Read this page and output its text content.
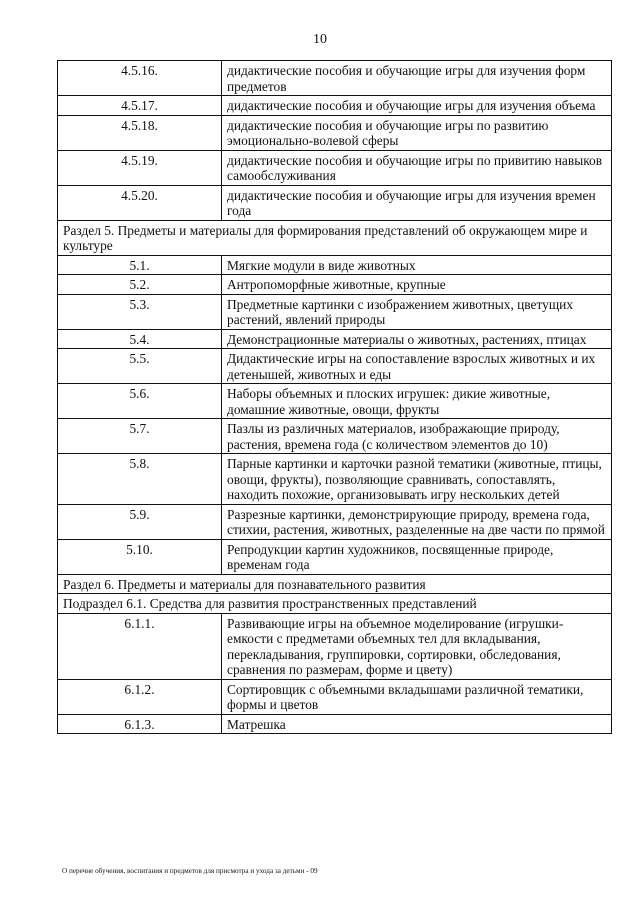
10
4.5.16.	дидактические пособия и обучающие игры для изучения форм предметов
4.5.17.	дидактические пособия и обучающие игры для изучения объема
4.5.18.	дидактические пособия и обучающие игры по развитию эмоционально-волевой сферы
4.5.19.	дидактические пособия и обучающие игры по привитию навыков самообслуживания
4.5.20.	дидактические пособия и обучающие игры для изучения времен года
Раздел 5. Предметы и материалы для формирования представлений об окружающем мире и культуре	
5.1.	Мягкие модули в виде животных
5.2.	Антропоморфные животные, крупные
5.3.	Предметные картинки с изображением животных, цветущих растений, явлений природы
5.4.	Демонстрационные материалы о животных, растениях, птицах
5.5.	Дидактические игры на сопоставление взрослых животных и их детенышей, животных и еды
5.6.	Наборы объемных и плоских игрушек: дикие животные, домашние животные, овощи, фрукты
5.7.	Пазлы из различных материалов, изображающие природу, растения, времена года (с количеством элементов до 10)
5.8.	Парные картинки и карточки разной тематики (животные, птицы, овощи, фрукты), позволяющие сравнивать, сопоставлять, находить похожие, организовывать игру нескольких детей
5.9.	Разрезные картинки, демонстрирующие природу, времена года, стихии, растения, животных, разделенные на две части по прямой
5.10.	Репродукции картин художников, посвященные природе, временам года
Раздел 6. Предметы и материалы для познавательного развития	
Подраздел 6.1. Средства для развития пространственных представлений	
6.1.1.	Развивающие игры на объемное моделирование (игрушки-емкости с предметами объемных тел для вкладывания, перекладывания, группировки, сортировки, обследования, сравнения по размерам, форме и цвету)
6.1.2.	Сортировщик с объемными вкладышами различной тематики, формы и цветов
6.1.3.	Матрешка
О перечне обучения, воспитания и предметов для присмотра и ухода за детьми - 09
